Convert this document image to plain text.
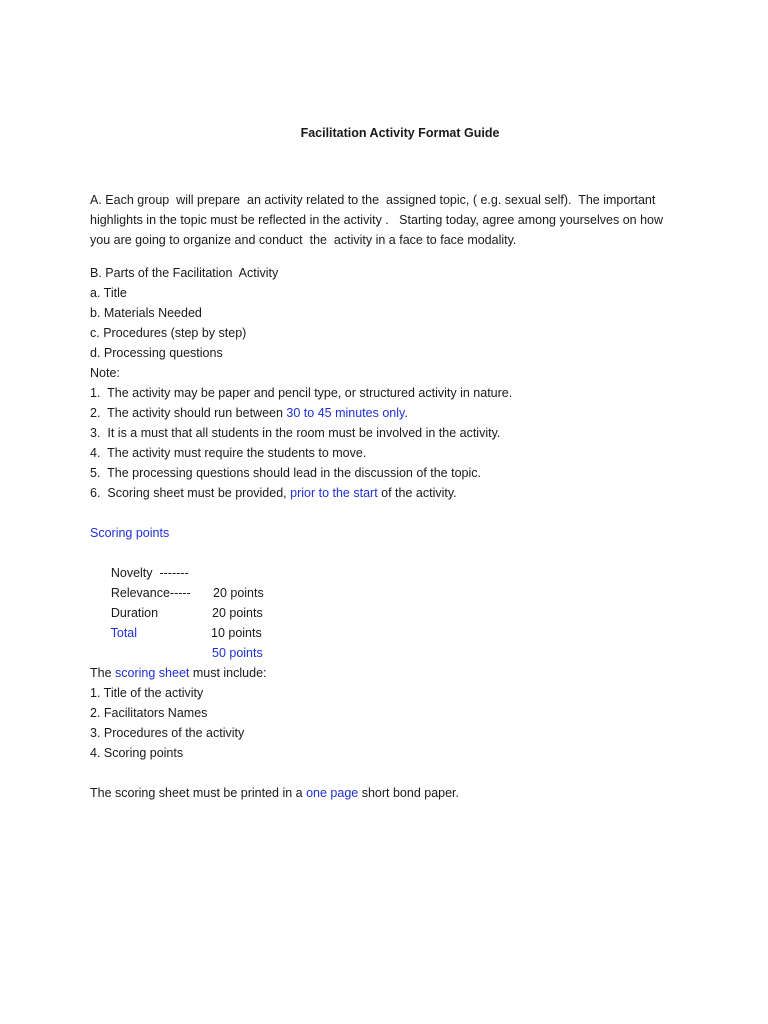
Facilitation Activity Format Guide
A. Each group  will prepare  an activity related to the  assigned topic, ( e.g. sexual self).  The important
highlights in the topic must be reflected in the activity .   Starting today, agree among yourselves on how
you are going to organize and conduct  the  activity in a face to face modality.
B. Parts of the Facilitation  Activity
a. Title
b. Materials Needed
c. Procedures (step by step)
d. Processing questions
Note:
1.  The activity may be paper and pencil type, or structured activity in nature.
2.  The activity should run between 30 to 45 minutes only.
3.  It is a must that all students in the room must be involved in the activity.
4.  The activity must require the students to move.
5.  The processing questions should lead in the discussion of the topic.
6.  Scoring sheet must be provided, prior to the start of the activity.
Scoring points

Novelty  -------

20 points

Relevance-----

20 points

Duration

10 points

Total

50 points

The scoring sheet must include:
1. Title of the activity
2. Facilitators Names
3. Procedures of the activity
4. Scoring points
The scoring sheet must be printed in a one page short bond paper.
